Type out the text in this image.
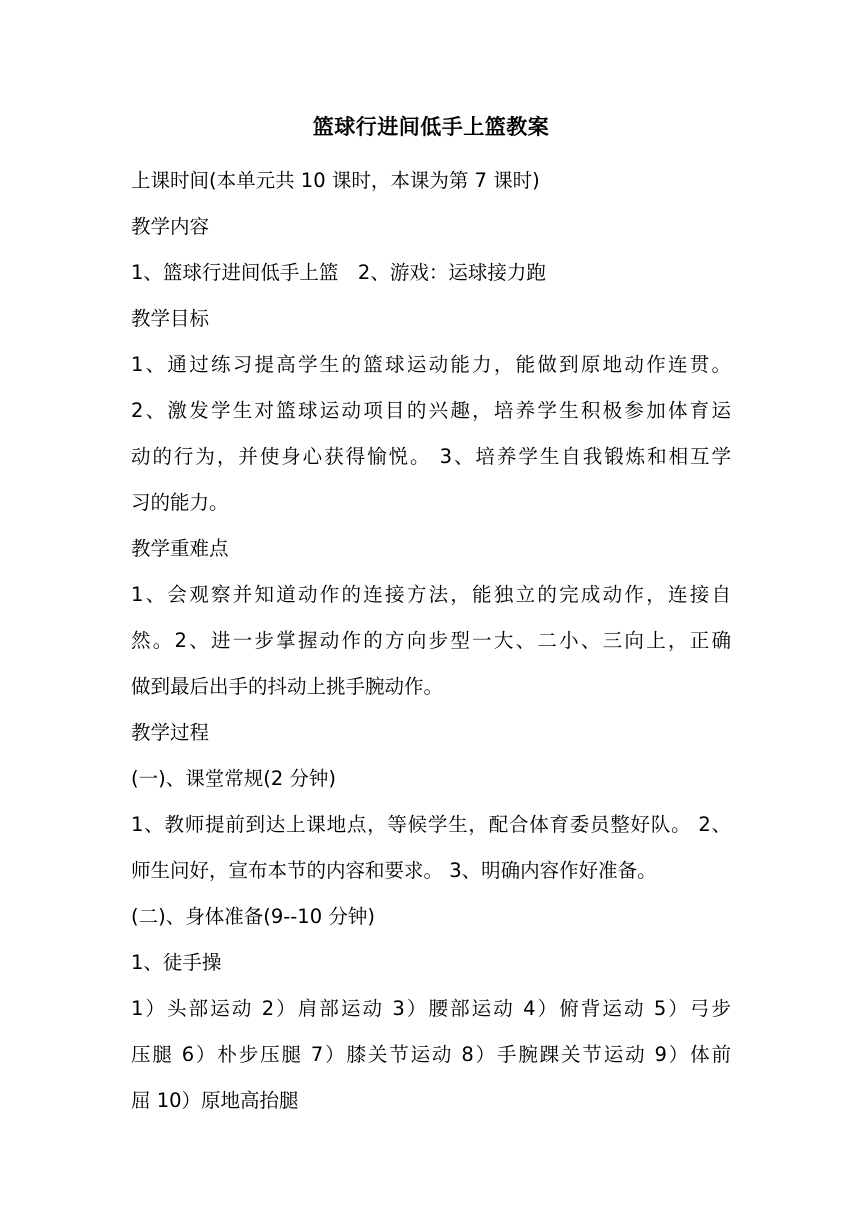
篮球行进间低手上篮教案
上课时间(本单元共 10 课时，本课为第 7 课时)
教学内容
1、篮球行进间低手上篮　2、游戏：运球接力跑
教学目标
1、通过练习提高学生的篮球运动能力，能做到原地动作连贯。
2、激发学生对篮球运动项目的兴趣，培养学生积极参加体育运
动的行为，并使身心获得愉悦。 3、培养学生自我锻炼和相互学
习的能力。
教学重难点
1、会观察并知道动作的连接方法，能独立的完成动作，连接自
然。2、进一步掌握动作的方向步型一大、二小、三向上，正确
做到最后出手的抖动上挑手腕动作。
教学过程
(一)、课堂常规(2 分钟)
1、教师提前到达上课地点，等候学生，配合体育委员整好队。 2、
师生问好，宣布本节的内容和要求。 3、明确内容作好准备。
(二)、身体准备(9--10 分钟)
1、徒手操
1）头部运动 2）肩部运动 3）腰部运动 4）俯背运动 5）弓步
压腿 6）朴步压腿 7）膝关节运动 8）手腕踝关节运动 9）体前
屈 10）原地高抬腿
